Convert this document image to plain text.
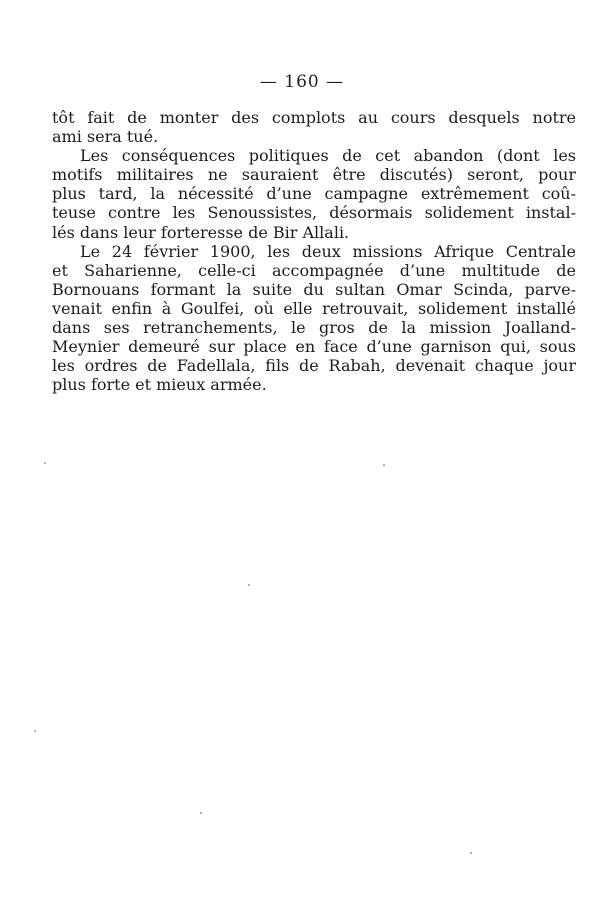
— 160 —
tôt fait de monter des complots au cours desquels notre
ami sera tué.
Les conséquences politiques de cet abandon (dont les
motifs militaires ne sauraient être discutés) seront, pour
plus tard, la nécessité d’une campagne extrêmement coû-
teuse contre les Senoussistes, désormais solidement instal-
lés dans leur forteresse de Bir Allali.
Le 24 février 1900, les deux missions Afrique Centrale
et Saharienne, celle-ci accompagnée d’une multitude de
Bornouans formant la suite du sultan Omar Scinda, parve-
venait enfin à Goulfei, où elle retrouvait, solidement installé
dans ses retranchements, le gros de la mission Joalland-
Meynier demeuré sur place en face d’une garnison qui, sous
les ordres de Fadellala, fils de Rabah, devenait chaque jour
plus forte et mieux armée.
